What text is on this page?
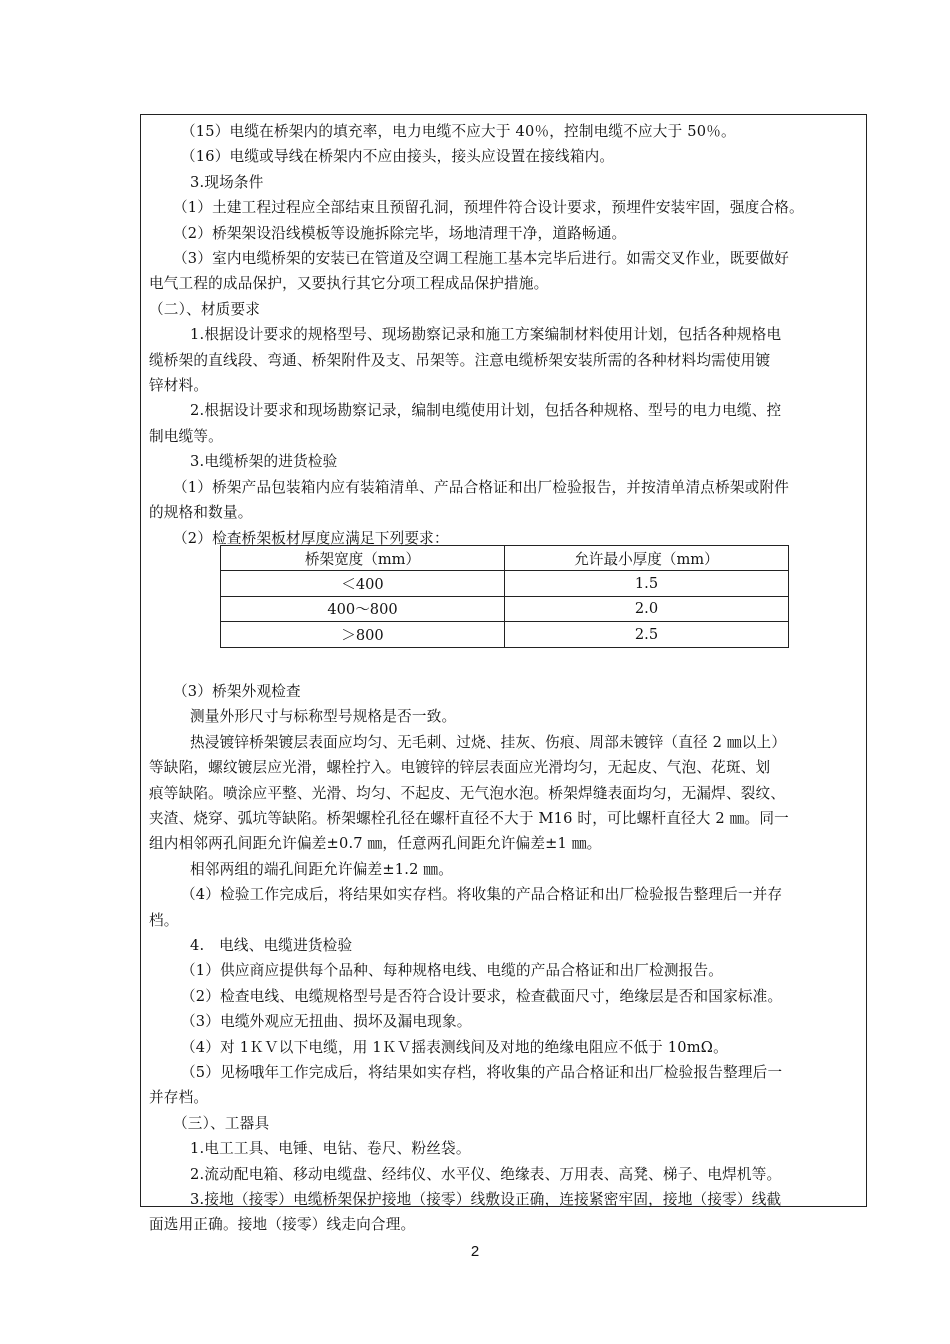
（15）电缆在桥架内的填充率，电力电缆不应大于 40％，控制电缆不应大于 50％。
（16）电缆或导线在桥架内不应由接头，接头应设置在接线箱内。
3.现场条件
（1）土建工程过程应全部结束且预留孔洞，预埋件符合设计要求，预埋件安装牢固，强度合格。
（2）桥架架设沿线模板等设施拆除完毕，场地清理干净，道路畅通。
（3）室内电缆桥架的安装已在管道及空调工程施工基本完毕后进行。如需交叉作业，既要做好
电气工程的成品保护，又要执行其它分项工程成品保护措施。
（二）、材质要求
1.根据设计要求的规格型号、现场勘察记录和施工方案编制材料使用计划，包括各种规格电
缆桥架的直线段、弯通、桥架附件及支、吊架等。注意电缆桥架安装所需的各种材料均需使用镀
锌材料。
2.根据设计要求和现场勘察记录，编制电缆使用计划，包括各种规格、型号的电力电缆、控
制电缆等。
3.电缆桥架的进货检验
（1）桥架产品包装箱内应有装箱清单、产品合格证和出厂检验报告，并按清单清点桥架或附件
的规格和数量。
（2）检查桥架板材厚度应满足下列要求：
（3）桥架外观检查
测量外形尺寸与标称型号规格是否一致。
热浸镀锌桥架镀层表面应均匀、无毛刺、过烧、挂灰、伤痕、周部未镀锌（直径 2 ㎜以上）
等缺陷，螺纹镀层应光滑，螺栓拧入。电镀锌的锌层表面应光滑均匀，无起皮、气泡、花斑、划
痕等缺陷。喷涂应平整、光滑、均匀、不起皮、无气泡水泡。桥架焊缝表面均匀，无漏焊、裂纹、
夹渣、烧穿、弧坑等缺陷。桥架螺栓孔径在螺杆直径不大于 M16 时，可比螺杆直径大 2 ㎜。同一
组内相邻两孔间距允许偏差±0.7 ㎜，任意两孔间距允许偏差±1 ㎜。
相邻两组的端孔间距允许偏差±1.2 ㎜。
（4）检验工作完成后，将结果如实存档。将收集的产品合格证和出厂检验报告整理后一并存
档。
4.　电线、电缆进货检验
（1）供应商应提供每个品种、每种规格电线、电缆的产品合格证和出厂检测报告。
（2）检查电线、电缆规格型号是否符合设计要求，检查截面尺寸，绝缘层是否和国家标准。
（3）电缆外观应无扭曲、损坏及漏电现象。
（4）对 1ＫＶ以下电缆，用 1ＫＶ摇表测线间及对地的绝缘电阻应不低于 10mΩ。
（5）见杨哦年工作完成后，将结果如实存档，将收集的产品合格证和出厂检验报告整理后一
并存档。
（三）、工器具
1.电工工具、电锤、电钻、卷尺、粉丝袋。
2.流动配电箱、移动电缆盘、经纬仪、水平仪、绝缘表、万用表、高凳、梯子、电焊机等。
3.接地（接零）电缆桥架保护接地（接零）线敷设正确，连接紧密牢固，接地（接零）线截
面选用正确。接地（接零）线走向合理。
桥架宽度（mm）	允许最小厚度（mm）
＜400	1.5
400～800	2.0
＞800	2.5
2
